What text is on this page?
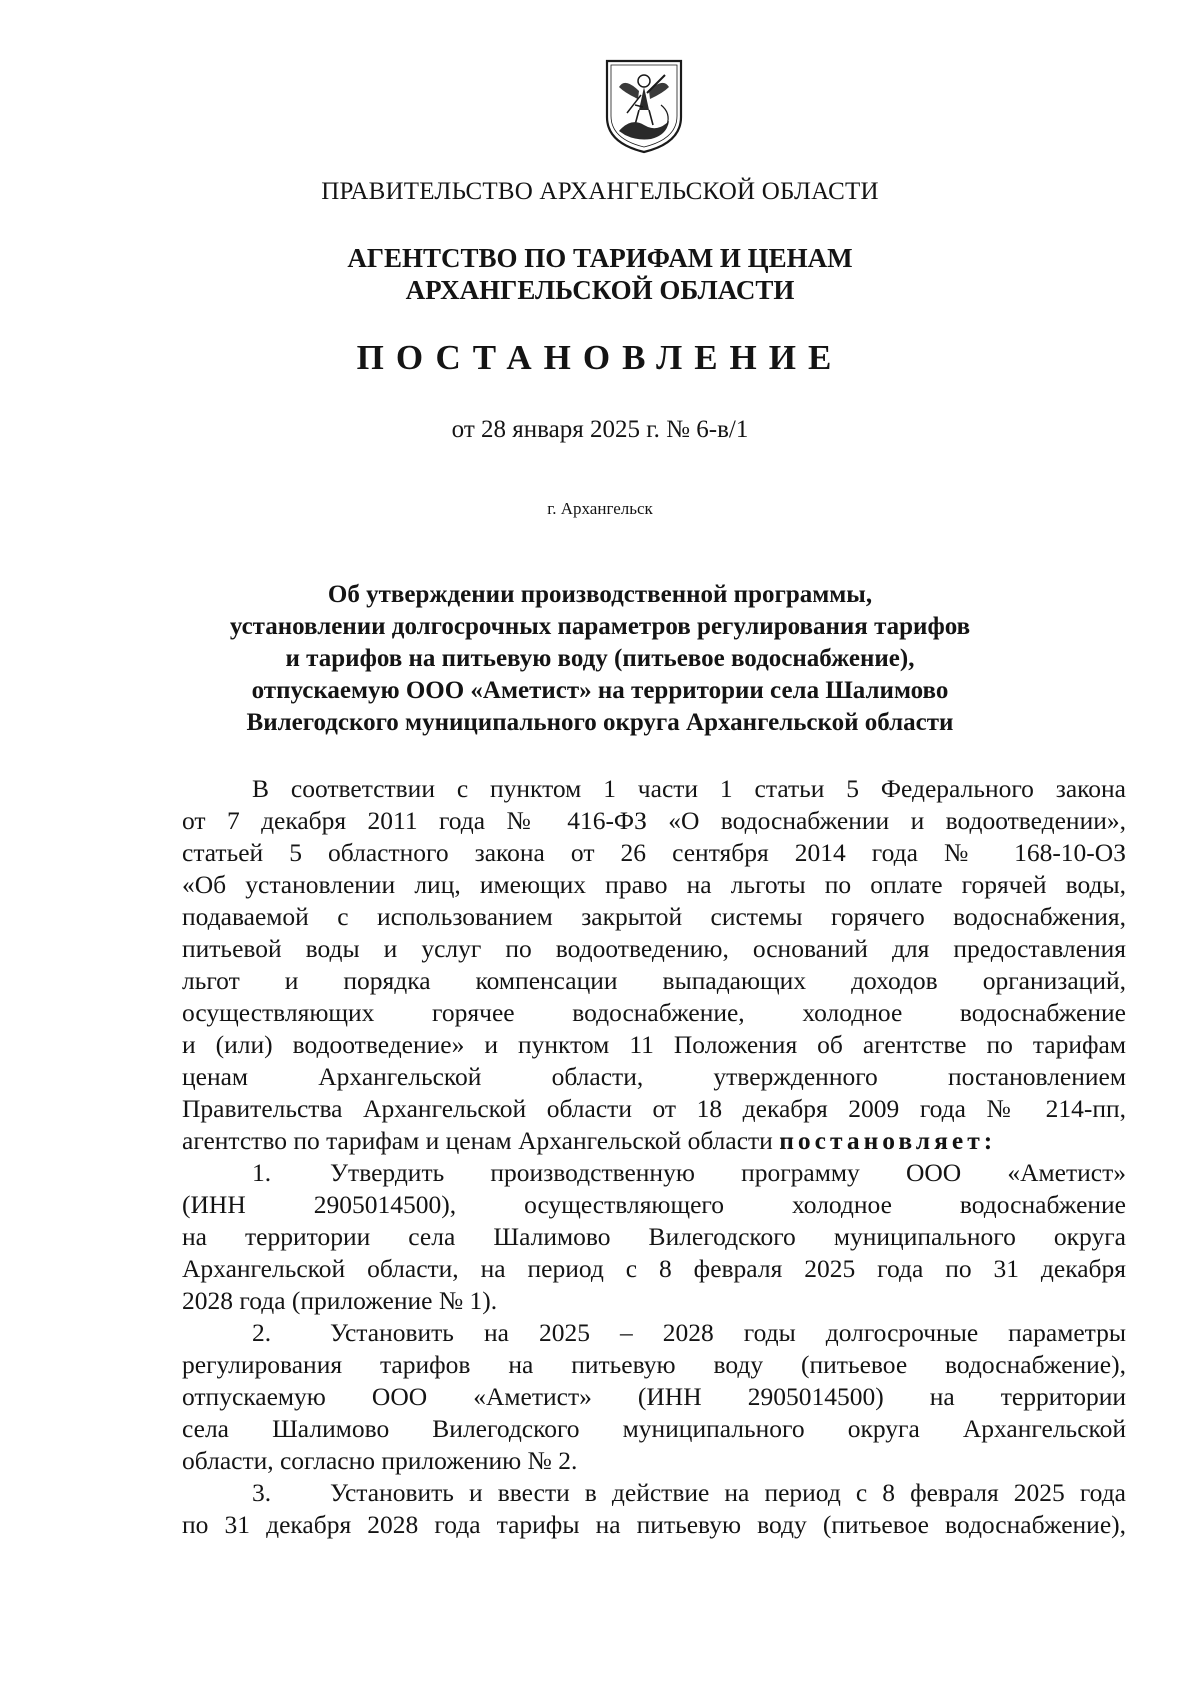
ПРАВИТЕЛЬСТВО АРХАНГЕЛЬСКОЙ ОБЛАСТИ
АГЕНТСТВО ПО ТАРИФАМ И ЦЕНАМ
АРХАНГЕЛЬСКОЙ ОБЛАСТИ
ПОСТАНОВЛЕНИЕ
от 28 января 2025 г. № 6-в/1
г. Архангельск
Об утверждении производственной программы,
установлении долгосрочных параметров регулирования тарифов
и тарифов на питьевую воду (питьевое водоснабжение),
отпускаемую ООО «Аметист» на территории села Шалимово
Вилегодского муниципального округа Архангельской области
В соответствии с пунктом 1 части 1 статьи 5 Федерального закона
от 7 декабря 2011 года № 416-ФЗ «О водоснабжении и водоотведении»,
статьей 5 областного закона от 26 сентября 2014 года № 168-10-ОЗ
«Об установлении лиц, имеющих право на льготы по оплате горячей воды,
подаваемой с использованием закрытой системы горячего водоснабжения,
питьевой воды и услуг по водоотведению, оснований для предоставления
льгот и порядка компенсации выпадающих доходов организаций,
осуществляющих горячее водоснабжение, холодное водоснабжение
и (или) водоотведение» и пунктом 11 Положения об агентстве по тарифам
ценам Архангельской области, утвержденного постановлением
Правительства Архангельской области от 18 декабря 2009 года № 214-пп,
агентство по тарифам и ценам Архангельской области постановляет:
1. Утвердить производственную программу ООО «Аметист»
(ИНН 2905014500), осуществляющего холодное водоснабжение
на территории села Шалимово Вилегодского муниципального округа
Архангельской области, на период с 8 февраля 2025 года по 31 декабря
2028 года (приложение № 1).
2. Установить на 2025 – 2028 годы долгосрочные параметры
регулирования тарифов на питьевую воду (питьевое водоснабжение),
отпускаемую ООО «Аметист» (ИНН 2905014500) на территории
села Шалимово Вилегодского муниципального округа Архангельской
области, согласно приложению № 2.
3. Установить и ввести в действие на период с 8 февраля 2025 года
по 31 декабря 2028 года тарифы на питьевую воду (питьевое водоснабжение),
